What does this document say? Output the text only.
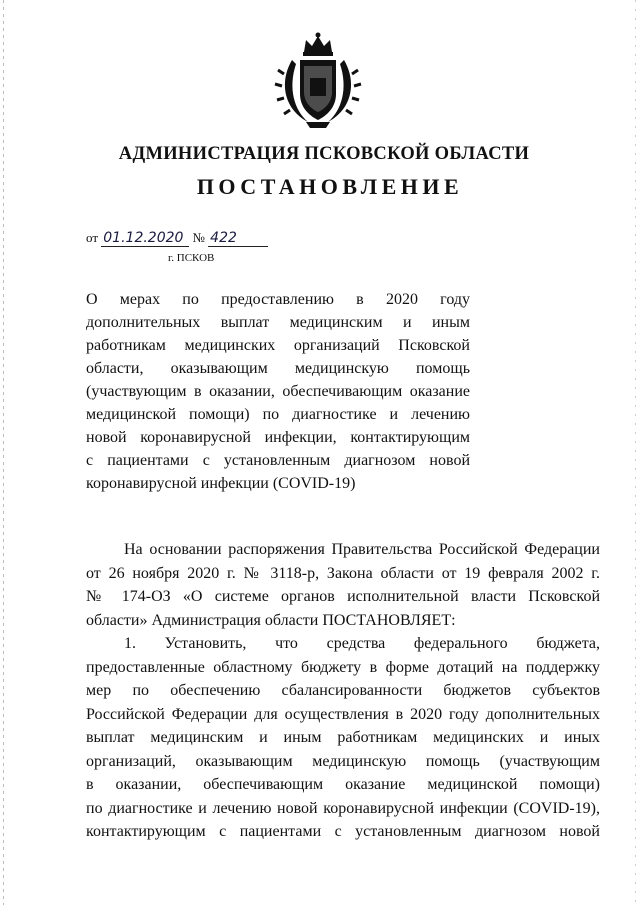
АДМИНИСТРАЦИЯ ПСКОВСКОЙ ОБЛАСТИ
ПОСТАНОВЛЕНИЕ
от 01.12.2020 № 422
г. ПСКОВ
О мерах по предоставлению в 2020 году
дополнительных выплат медицинским и иным
работникам медицинских организаций Псковской
области, оказывающим медицинскую помощь
(участвующим в оказании, обеспечивающим оказание
медицинской помощи) по диагностике и лечению
новой коронавирусной инфекции, контактирующим
с пациентами с установленным диагнозом новой
коронавирусной инфекции (COVID-19)
На основании распоряжения Правительства Российской Федерации
от 26 ноября 2020 г. № 3118-р, Закона области от 19 февраля 2002 г.
№ 174-ОЗ «О системе органов исполнительной власти Псковской
области» Администрация области ПОСТАНОВЛЯЕТ:
1. Установить, что средства федерального бюджета,
предоставленные областному бюджету в форме дотаций на поддержку
мер по обеспечению сбалансированности бюджетов субъектов
Российской Федерации для осуществления в 2020 году дополнительных
выплат медицинским и иным работникам медицинских и иных
организаций, оказывающим медицинскую помощь (участвующим
в оказании, обеспечивающим оказание медицинской помощи)
по диагностике и лечению новой коронавирусной инфекции (COVID-19),
контактирующим с пациентами с установленным диагнозом новой
